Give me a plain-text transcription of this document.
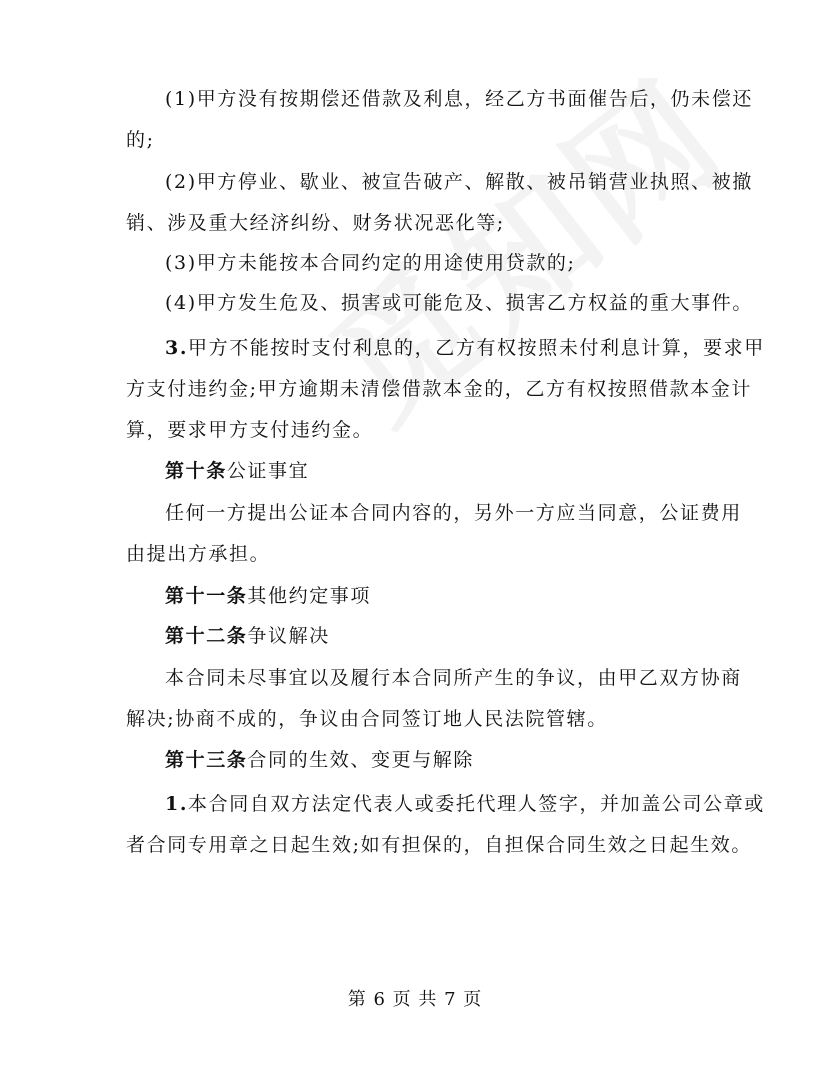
(1)甲方没有按期偿还借款及利息，经乙方书面催告后，仍未偿还
的;
(2)甲方停业、歇业、被宣告破产、解散、被吊销营业执照、被撤
销、涉及重大经济纠纷、财务状况恶化等;
(3)甲方未能按本合同约定的用途使用贷款的;
(4)甲方发生危及、损害或可能危及、损害乙方权益的重大事件。
3.甲方不能按时支付利息的，乙方有权按照未付利息计算，要求甲
方支付违约金;甲方逾期未清偿借款本金的，乙方有权按照借款本金计
算，要求甲方支付违约金。
第十条公证事宜
任何一方提出公证本合同内容的，另外一方应当同意，公证费用
由提出方承担。
第十一条其他约定事项
第十二条争议解决
本合同未尽事宜以及履行本合同所产生的争议，由甲乙双方协商
解决;协商不成的，争议由合同签订地人民法院管辖。
第十三条合同的生效、变更与解除
1.本合同自双方法定代表人或委托代理人签字，并加盖公司公章或
者合同专用章之日起生效;如有担保的，自担保合同生效之日起生效。
第 6 页 共 7 页
